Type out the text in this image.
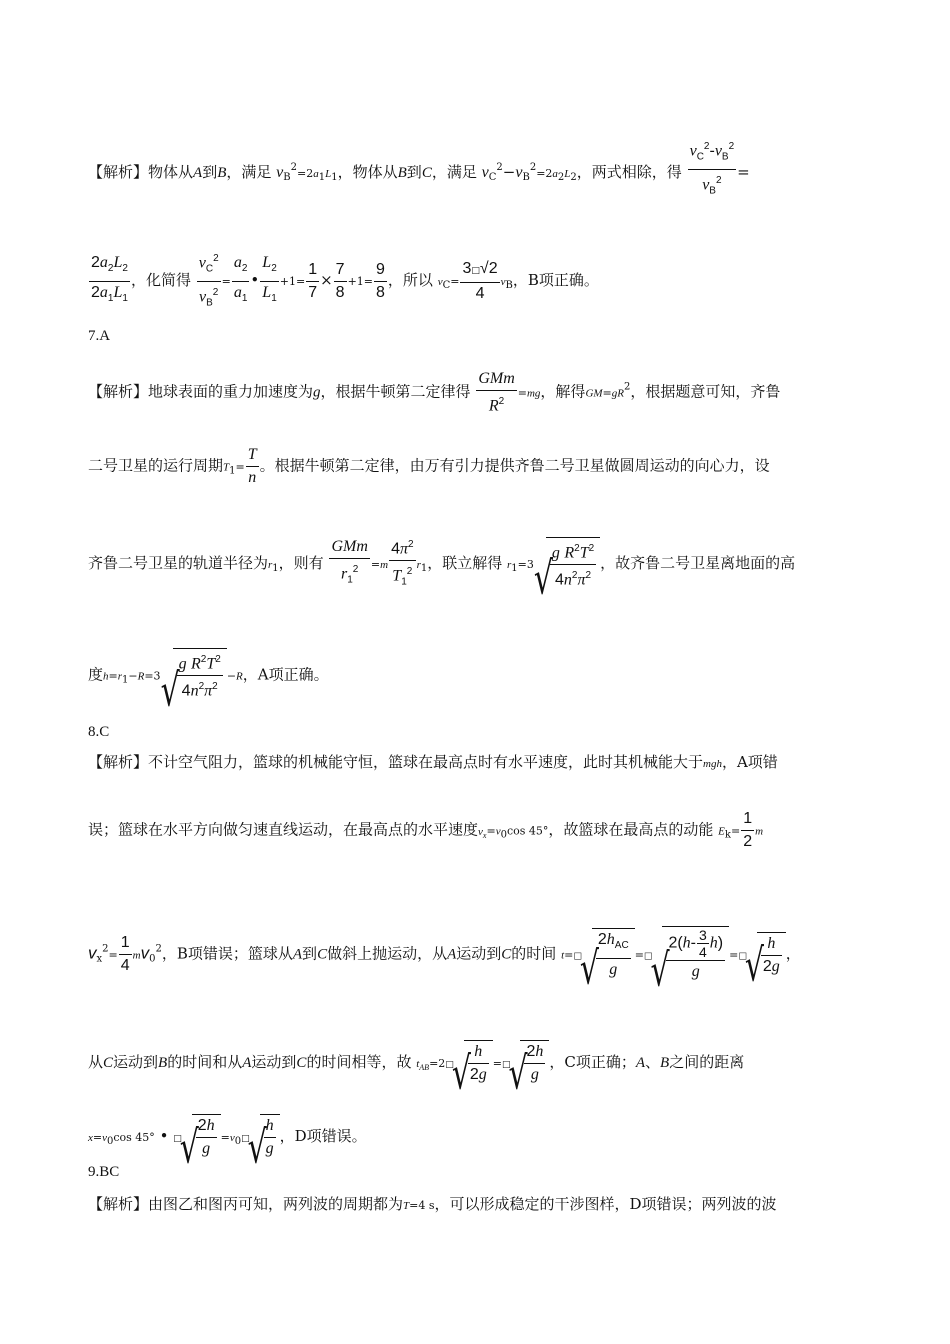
【解析】物体从A到B，满足 $v_B^2=2a_1L_1$，物体从B到C，满足 $v_C^2-v_B^2=2a_2L_2$，两式相除，得 $\frac{v_C^2-v_B^2}{v_B^2}$ =
$\frac{2a_2L_2}{2a_1L_1}$ ，化简得 $\frac{v_C^2}{v_B^2} = \frac{a_2}{a_1}$ • $\frac{L_2}{L_1} +1= \frac{1}{7} \times \frac{7}{8} +1= \frac{9}{8}$ ，所以 $v_C= \frac{3□√2}{4} v_B$，B项正确。
7.A
【解析】地球表面的重力加速度为g，根据牛顿第二定律得 $\frac{\text{GMm}}{R^2} =mg$，解得$GM=gR^2$，根据题意可知，齐鲁
二号卫星的运行周期$T_1= \frac{T}{n}$ 。根据牛顿第二定律，由万有引力提供齐鲁二号卫星做圆周运动的向心力，设
齐鲁二号卫星的轨道半径为$r_1$，则有 $\frac{\text{GMm}}{r_1^2} =m \frac{4\pi^2}{T_1^2} r_1$，联立解得 $r_1=3$ √ $\frac{g R^2T^2}{4n^2\pi^2}$ ，故齐鲁二号卫星离地面的高
度$h=r_1-R=3$ √ $\frac{g R^2T^2}{4n^2\pi^2} -R$，A项正确。
8.C
【解析】不计空气阻力，篮球的机械能守恒，篮球在最高点时有水平速度，此时其机械能大于mgh，A项错
误；篮球在水平方向做匀速直线运动，在最高点的水平速度$v_x=v_0\cos$ 45°，故篮球在最高点的动能 $E_k= \frac{1}{2}$ m
$v_x^2= \frac{1}{4} mv_0^2$，B项错误；篮球从A到C做斜上抛运动，从A运动到C的时间 t=□ √ $\frac{2h_{AC}}{g}$ =□ √ $\frac{2(h- \frac{3}{4} h)}{g}$ =□ √ $\frac{h}{2g}$ ，
从C运动到B的时间和从A运动到C的时间相等，故 $t_{AB}=2□$ √ $\frac{h}{2g}$ =□ √ $\frac{2h}{g}$ ，C项正确；A、B之间的距离
$x=v_0\cos$ 45° • □ √ $\frac{2h}{g}$ $=v_0□$ √ $\frac{h}{g}$ ，D项错误。
9.BC
【解析】由图乙和图丙可知，两列波的周期都为T=4 s，可以形成稳定的干涉图样，D项错误；两列波的波
